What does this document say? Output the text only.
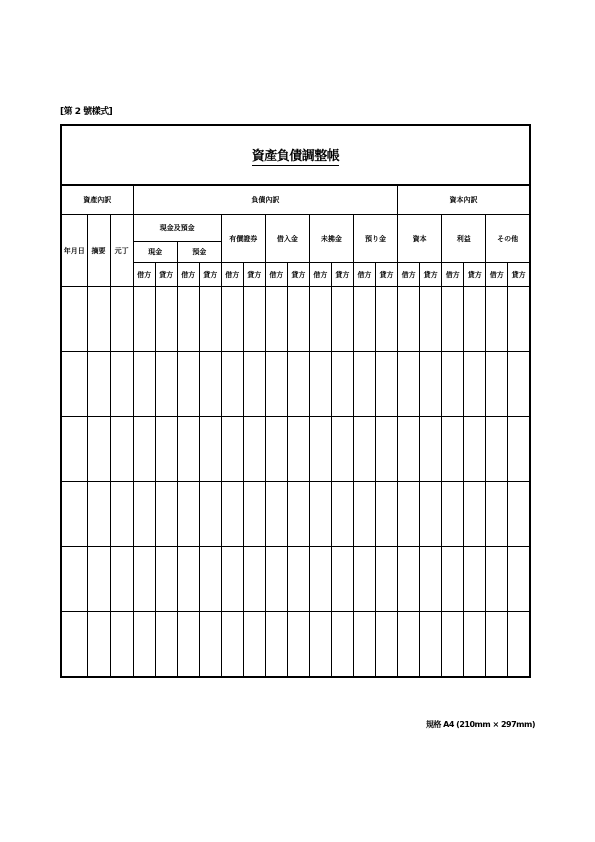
[第 2 號樣式]
資產負債調整帳
資產內訳			負債內訳												資本內訳					
年月日	摘要	元丁	現金及預金				有價證券		借入金		未拂金		預り金		資本		利益		その他	
			現金		預金															
			借方	貸方	借方	貸方	借方	貸方	借方	貸方	借方	貸方	借方	貸方	借方	貸方	借方	貸方	借方	貸方

規格 A4 (210mm × 297mm)
